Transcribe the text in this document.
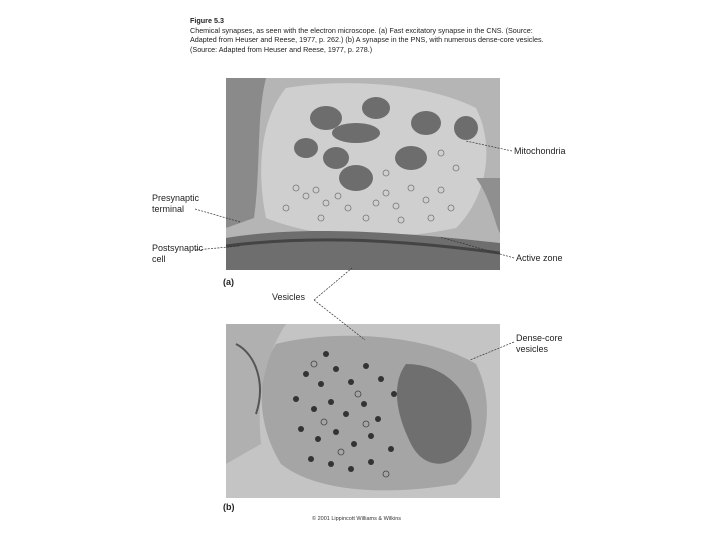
Figure 5.3
Chemical synapses, as seen with the electron microscope. (a) Fast excitatory synapse in the CNS. (Source: Adapted from Heuser and Reese, 1977, p. 262.) (b) A synapse in the PNS, with numerous dense-core vesicles. (Source: Adapted from Heuser and Reese, 1977, p. 278.)
Mitochondria
Presynaptic
terminal
Postsynaptic
cell	Active zone
Vesicles
Dense-core
vesicles
(a)
(b)
© 2001 Lippincott Williams & Wilkins
